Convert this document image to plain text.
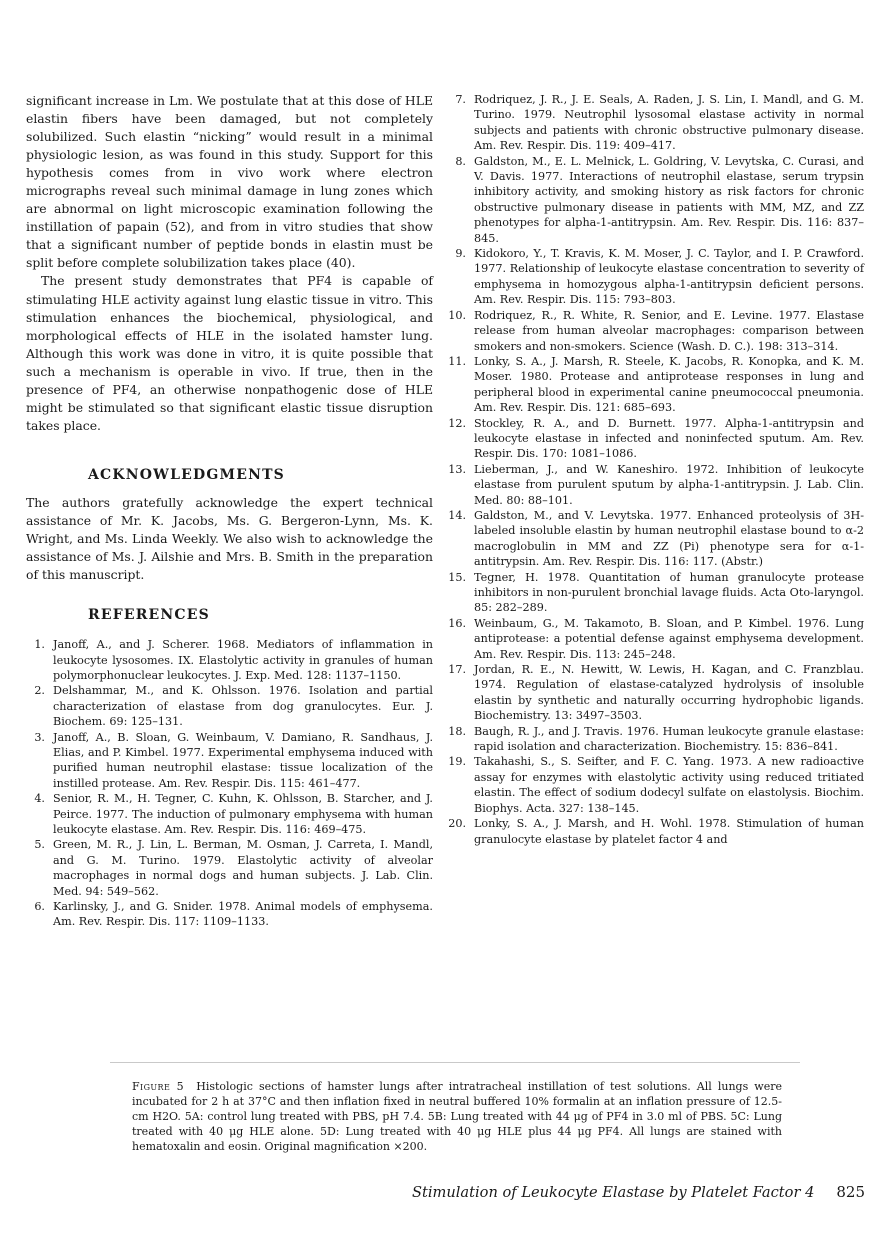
significant increase in Lm. We postulate that at this dose of HLE elastin fibers have been damaged, but not completely solubilized. Such elastin “nicking” would result in a minimal physiologic lesion, as was found in this study. Support for this hypothesis comes from in vivo work where electron micrographs reveal such minimal damage in lung zones which are abnormal on light microscopic examination following the instillation of papain (52), and from in vitro studies that show that a significant number of peptide bonds in elastin must be split before complete solubilization takes place (40).

The present study demonstrates that PF4 is capable of stimulating HLE activity against lung elastic tissue in vitro. This stimulation enhances the biochemical, physiological, and morphological effects of HLE in the isolated hamster lung. Although this work was done in vitro, it is quite possible that such a mechanism is operable in vivo. If true, then in the presence of PF4, an otherwise nonpathogenic dose of HLE might be stimulated so that significant elastic tissue disruption takes place.

ACKNOWLEDGMENTS

The authors gratefully acknowledge the expert technical assistance of Mr. K. Jacobs, Ms. G. Bergeron-Lynn, Ms. K. Wright, and Ms. Linda Weekly. We also wish to acknowledge the assistance of Ms. J. Ailshie and Mrs. B. Smith in the preparation of this manuscript.

REFERENCES
1. Janoff, A., and J. Scherer. 1968. Mediators of inflammation in leukocyte lysosomes. IX. Elastolytic activity in granules of human polymorphonuclear leukocytes. J. Exp. Med. 128: 1137–1150.
2. Delshammar, M., and K. Ohlsson. 1976. Isolation and partial characterization of elastase from dog granulocytes. Eur. J. Biochem. 69: 125–131.
3. Janoff, A., B. Sloan, G. Weinbaum, V. Damiano, R. Sandhaus, J. Elias, and P. Kimbel. 1977. Experimental emphysema induced with purified human neutrophil elastase: tissue localization of the instilled protease. Am. Rev. Respir. Dis. 115: 461–477.
4. Senior, R. M., H. Tegner, C. Kuhn, K. Ohlsson, B. Starcher, and J. Peirce. 1977. The induction of pulmonary emphysema with human leukocyte elastase. Am. Rev. Respir. Dis. 116: 469–475.
5. Green, M. R., J. Lin, L. Berman, M. Osman, J. Carreta, I. Mandl, and G. M. Turino. 1979. Elastolytic activity of alveolar macrophages in normal dogs and human subjects. J. Lab. Clin. Med. 94: 549–562.
6. Karlinsky, J., and G. Snider. 1978. Animal models of emphysema. Am. Rev. Respir. Dis. 117: 1109–1133.
7. Rodriquez, J. R., J. E. Seals, A. Raden, J. S. Lin, I. Mandl, and G. M. Turino. 1979. Neutrophil lysosomal elastase activity in normal subjects and patients with chronic obstructive pulmonary disease. Am. Rev. Respir. Dis. 119: 409–417.
8. Galdston, M., E. L. Melnick, L. Goldring, V. Levytska, C. Curasi, and V. Davis. 1977. Interactions of neutrophil elastase, serum trypsin inhibitory activity, and smoking history as risk factors for chronic obstructive pulmonary disease in patients with MM, MZ, and ZZ phenotypes for alpha-1-antitrypsin. Am. Rev. Respir. Dis. 116: 837–845.
9. Kidokoro, Y., T. Kravis, K. M. Moser, J. C. Taylor, and I. P. Crawford. 1977. Relationship of leukocyte elastase concentration to severity of emphysema in homozygous alpha-1-antitrypsin deficient persons. Am. Rev. Respir. Dis. 115: 793–803.
10. Rodriquez, R., R. White, R. Senior, and E. Levine. 1977. Elastase release from human alveolar macrophages: comparison between smokers and non-smokers. Science (Wash. D. C.). 198: 313–314.
11. Lonky, S. A., J. Marsh, R. Steele, K. Jacobs, R. Konopka, and K. M. Moser. 1980. Protease and antiprotease responses in lung and peripheral blood in experimental canine pneumococcal pneumonia. Am. Rev. Respir. Dis. 121: 685–693.
12. Stockley, R. A., and D. Burnett. 1977. Alpha-1-antitrypsin and leukocyte elastase in infected and noninfected sputum. Am. Rev. Respir. Dis. 170: 1081–1086.
13. Lieberman, J., and W. Kaneshiro. 1972. Inhibition of leukocyte elastase from purulent sputum by alpha-1-antitrypsin. J. Lab. Clin. Med. 80: 88–101.
14. Galdston, M., and V. Levytska. 1977. Enhanced proteolysis of 3H-labeled insoluble elastin by human neutrophil elastase bound to α-2 macroglobulin in MM and ZZ (Pi) phenotype sera for α-1-antitrypsin. Am. Rev. Respir. Dis. 116: 117. (Abstr.)
15. Tegner, H. 1978. Quantitation of human granulocyte protease inhibitors in non-purulent bronchial lavage fluids. Acta Oto-laryngol. 85: 282–289.
16. Weinbaum, G., M. Takamoto, B. Sloan, and P. Kimbel. 1976. Lung antiprotease: a potential defense against emphysema development. Am. Rev. Respir. Dis. 113: 245–248.
17. Jordan, R. E., N. Hewitt, W. Lewis, H. Kagan, and C. Franzblau. 1974. Regulation of elastase-catalyzed hydrolysis of insoluble elastin by synthetic and naturally occurring hydrophobic ligands. Biochemistry. 13: 3497–3503.
18. Baugh, R. J., and J. Travis. 1976. Human leukocyte granule elastase: rapid isolation and characterization. Biochemistry. 15: 836–841.
19. Takahashi, S., S. Seifter, and F. C. Yang. 1973. A new radioactive assay for enzymes with elastolytic activity using reduced tritiated elastin. The effect of sodium dodecyl sulfate on elastolysis. Biochim. Biophys. Acta. 327: 138–145.
20. Lonky, S. A., J. Marsh, and H. Wohl. 1978. Stimulation of human granulocyte elastase by platelet factor 4 and

Figure 5 Histologic sections of hamster lungs after intratracheal instillation of test solutions. All lungs were incubated for 2 h at 37°C and then inflation fixed in neutral buffered 10% formalin at an inflation pressure of 12.5-cm H2O. 5A: control lung treated with PBS, pH 7.4. 5B: Lung treated with 44 μg of PF4 in 3.0 ml of PBS. 5C: Lung treated with 40 μg HLE alone. 5D: Lung treated with 40 μg HLE plus 44 μg PF4. All lungs are stained with hematoxalin and eosin. Original magnification ×200.

Stimulation of Leukocyte Elastase by Platelet Factor 4 825
